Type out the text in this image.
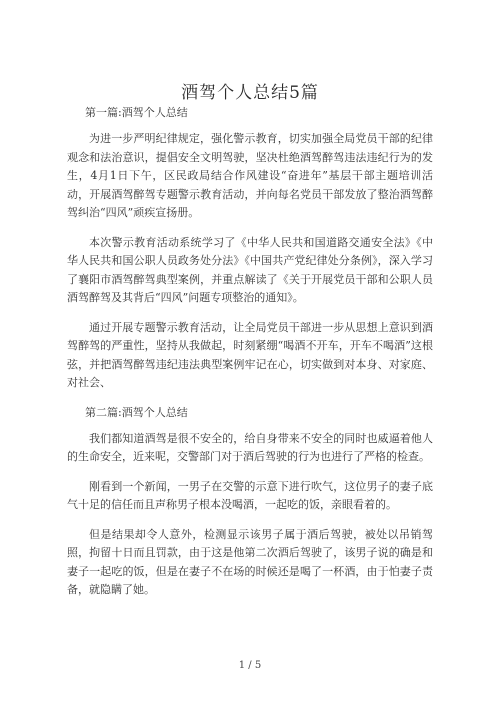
酒驾个人总结5篇
第一篇:酒驾个人总结

为进一步严明纪律规定，强化警示教育，切实加强全局党员干部的纪律观念和法治意识，提倡安全文明驾驶，坚决杜绝酒驾醉驾违法违纪行为的发生，4月1日下午，区民政局结合作风建设“奋进年”基层干部主题培训活动，开展酒驾醉驾专题警示教育活动，并向每名党员干部发放了整治酒驾醉驾纠治“四风”顽疾宣扬册。

本次警示教育活动系统学习了《中华人民共和国道路交通安全法》《中华人民共和国公职人员政务处分法》《中国共产党纪律处分条例》，深入学习了襄阳市酒驾醉驾典型案例，并重点解读了《关于开展党员干部和公职人员酒驾醉驾及其背后“四风”问题专项整治的通知》。

通过开展专题警示教育活动，让全局党员干部进一步从思想上意识到酒驾醉驾的严重性，坚持从我做起，时刻紧绷“喝酒不开车，开车不喝酒”这根弦，并把酒驾醉驾违纪违法典型案例牢记在心，切实做到对本身、对家庭、对社会、

第二篇:酒驾个人总结

我们都知道酒驾是很不安全的，给自身带来不安全的同时也威逼着他人的生命安全，近来呢，交警部门对于酒后驾驶的行为也进行了严格的检查。

刚看到一个新闻，一男子在交警的示意下进行吹气，这位男子的妻子底气十足的信任而且声称男子根本没喝酒，一起吃的饭，亲眼看着的。

但是结果却令人意外，检测显示该男子属于酒后驾驶，被处以吊销驾照，拘留十日而且罚款，由于这是他第二次酒后驾驶了，该男子说的确是和妻子一起吃的饭，但是在妻子不在场的时候还是喝了一杯酒，由于怕妻子责备，就隐瞒了她。

1 / 5
